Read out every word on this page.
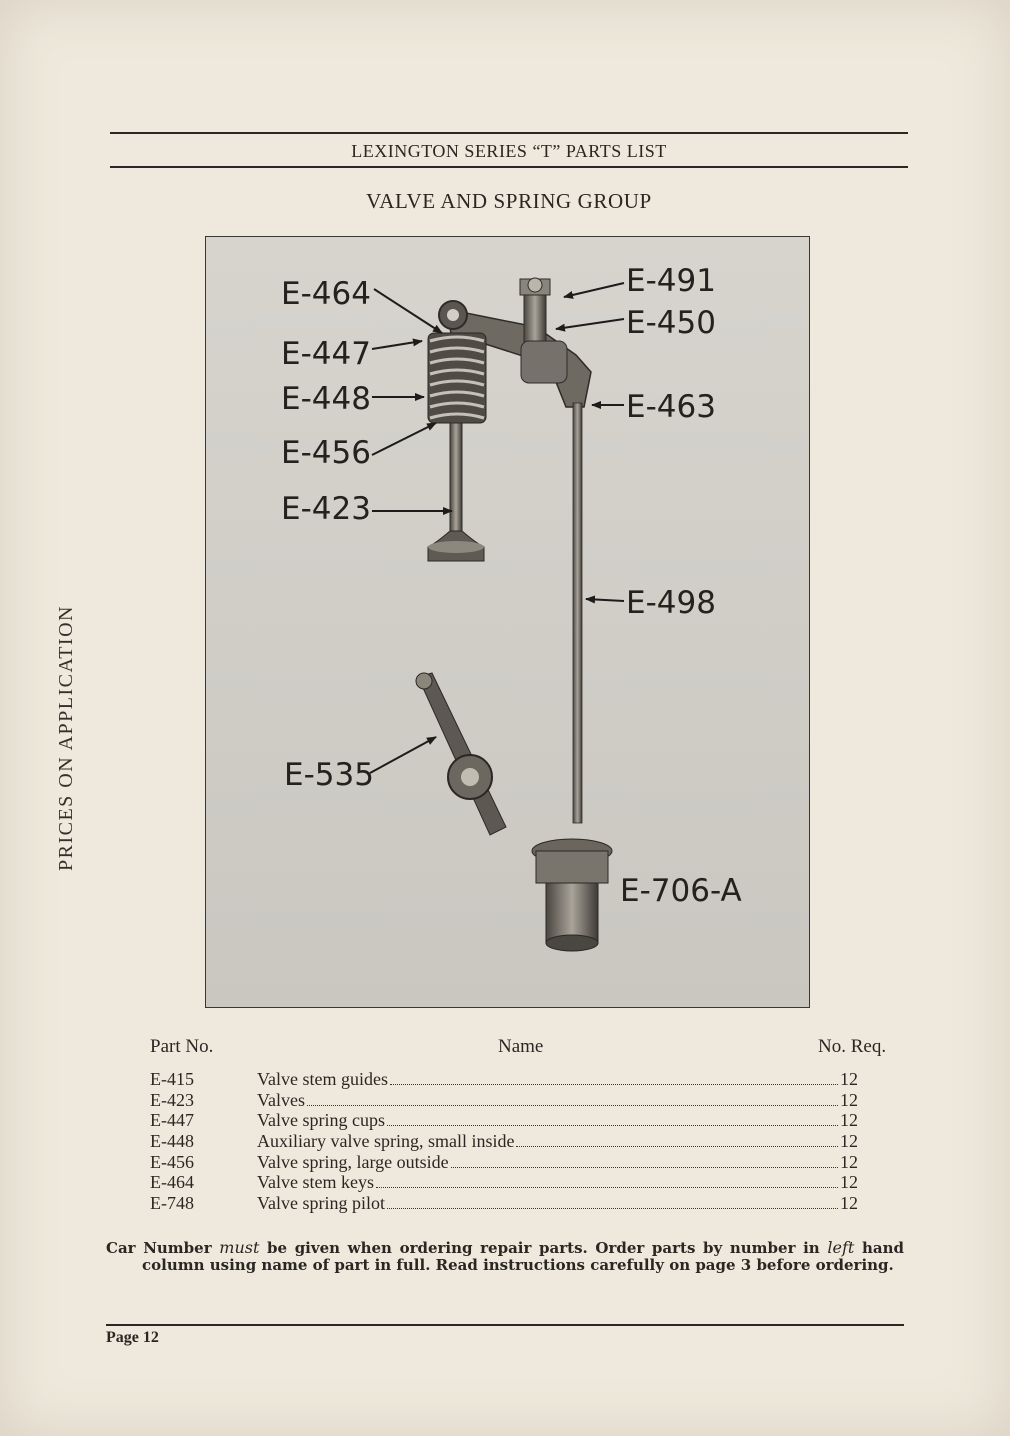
LEXINGTON SERIES “T” PARTS LIST
VALVE AND SPRING GROUP
PRICES ON APPLICATION
E-464
E-447
E-448
E-456
E-423
E-491
E-450
E-463
E-498
E-535
E-706-A
Part No.	Name	No. Req.
E-415	Valve stem guides	12
E-423	Valves	12
E-447	Valve spring cups	12
E-448	Auxiliary valve spring, small inside	12
E-456	Valve spring, large outside	12
E-464	Valve stem keys	12
E-748	Valve spring pilot	12

Car Number must be given when ordering repair parts. Order parts by number in left hand column using name of part in full. Read instructions carefully on page 3 before ordering.

Page 12
